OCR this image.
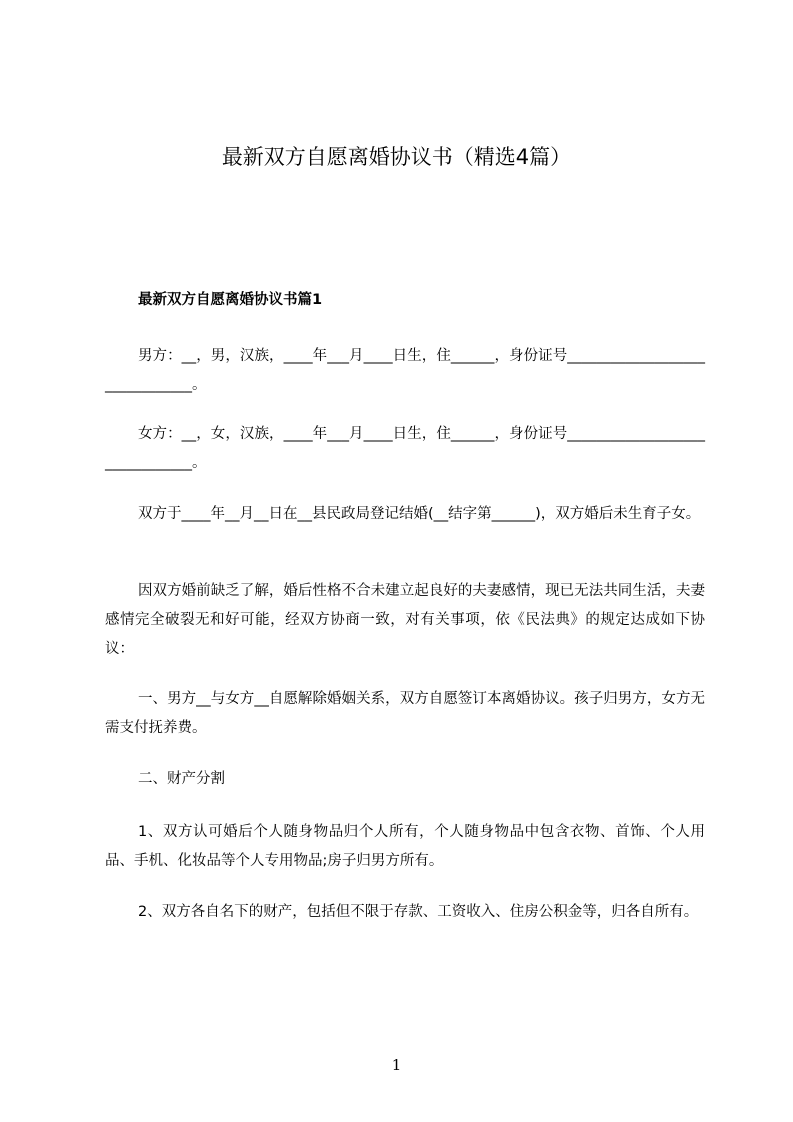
最新双方自愿离婚协议书（精选4篇）
最新双方自愿离婚协议书篇1

男方：__，男，汉族，____年___月____日生，住______，身份证号_______________________________。

女方：__，女，汉族，____年___月____日生，住______，身份证号_______________________________。

双方于____年__月__日在__县民政局登记结婚(__结字第______)，双方婚后未生育子女。

因双方婚前缺乏了解，婚后性格不合未建立起良好的夫妻感情，现已无法共同生活，夫妻感情完全破裂无和好可能，经双方协商一致，对有关事项，依《民法典》的规定达成如下协议：

一、男方__与女方__自愿解除婚姻关系，双方自愿签订本离婚协议。孩子归男方，女方无需支付抚养费。

二、财产分割

1、双方认可婚后个人随身物品归个人所有，个人随身物品中包含衣物、首饰、个人用品、手机、化妆品等个人专用物品;房子归男方所有。

2、双方各自名下的财产，包括但不限于存款、工资收入、住房公积金等，归各自所有。

1
